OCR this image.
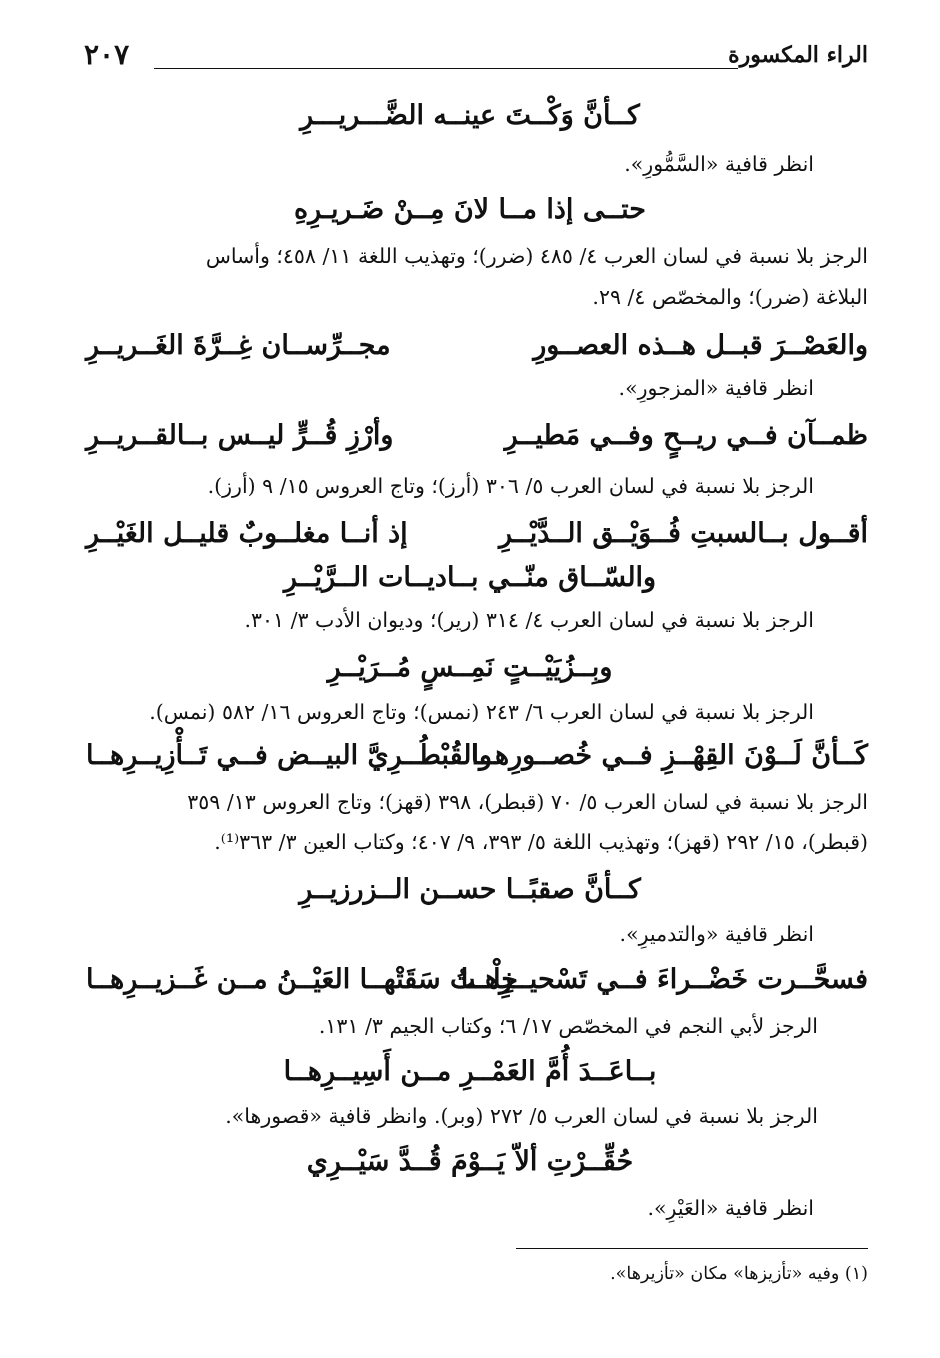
الراء المكسورة
٢٠٧
كــأنَّ وَكْــتَ عينــه الضَّـــريـــرِ
انظر قافية «السَّمُّورِ».
حتــى إذا مــا لانَ مِــنْ ضَـريـرِهِ
الرجز بلا نسبة في لسان العرب ٤/ ٤٨٥ (ضرر)؛ وتهذيب اللغة ١١/ ٤٥٨؛ وأساس
البلاغة (ضرر)؛ والمخصّص ٤/ ٢٩.
والعَصْــرَ قبــل هــذه العصــورِ
مجــرِّســان غِــرَّةَ الغَــريــرِ
انظر قافية «المزجورِ».
ظمــآن فــي ريــحٍ وفــي مَطيــرِ
وأرْزِ قُــرٍّ ليــس بــالقــريــرِ
الرجز بلا نسبة في لسان العرب ٥/ ٣٠٦ (أرز)؛ وتاج العروس ١٥/ ٩ (أرز).
أقــول بــالسبتِ فُــوَيْــق الــدَّيْــرِ
إذ أنــا مغلــوبٌ قليــل الغَيْــرِ
والسّــاق منّــي بــاديــات الــرَّيْــرِ
الرجز بلا نسبة في لسان العرب ٤/ ٣١٤ (رير)؛ وديوان الأدب ٣/ ٣٠١.
وبِــزُيَيْــتٍ نَمِــسٍ مُــرَيْــرِ
الرجز بلا نسبة في لسان العرب ٦/ ٢٤٣ (نمس)؛ وتاج العروس ١٦/ ٥٨٢ (نمس).
كَــأنَّ لَــوْنَ القِهْــزِ فــي خُصــورِهــا
والقُبْطُــرِيَّ البيــض فــي تَــأْزِيــرِهــا
الرجز بلا نسبة في لسان العرب ٥/ ٧٠ (قبطر)، ٣٩٨ (قهز)؛ وتاج العروس ١٣/ ٣٥٩
(قبطر)، ١٥/ ٢٩٢ (قهز)؛ وتهذيب اللغة ٥/ ٣٩٣، ٩/ ٤٠٧؛ وكتاب العين ٣/ ٣٦٣⁽¹⁾.
كــأنَّ صقبًــا حســن الــزرزيــرِ
انظر قافية «والتدميرِ».
فسحَّــرت خَضْــراءَ فــي تَسْحيــرِهــا
خِلْــتُ سَقَتْهــا العَيْــنُ مــن غَــزيــرِهــا
الرجز لأبي النجم في المخصّص ١٧/ ٦؛ وكتاب الجيم ٣/ ١٣١.
بــاعَــدَ أُمَّ العَمْــرِ مــن أَسِيــرِهــا
الرجز بلا نسبة في لسان العرب ٥/ ٢٧٢ (وبر). وانظر قافية «قصورها».
حُقِّــرْتِ ألاّ يَــوْمَ قُــدَّ سَيْــرِي
انظر قافية «العَيْرِ».
(١) وفيه «تأزيزها» مكان «تأزيرها».
